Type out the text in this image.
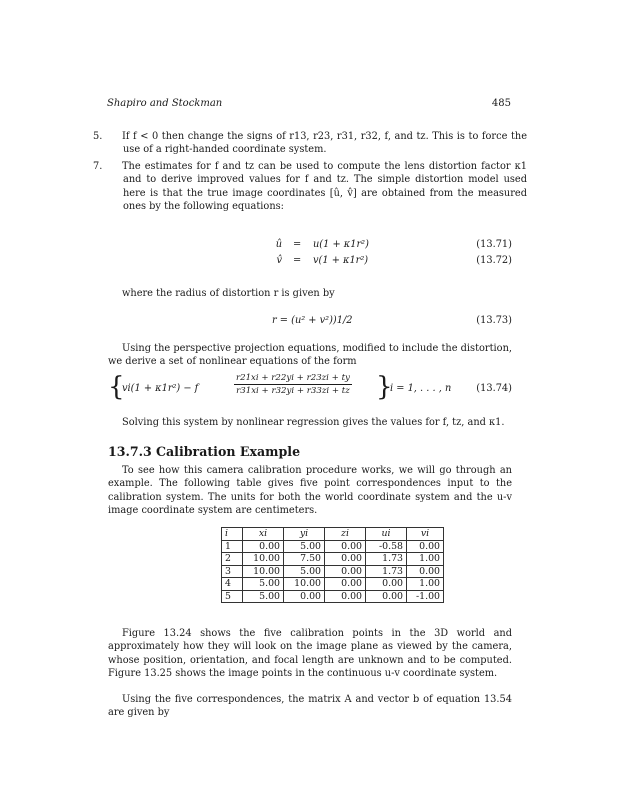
Shapiro and Stockman	485
5. If f < 0 then change the signs of r13, r23, r31, r32, f, and tz. This is to force the use of a right-handed coordinate system.
7. The estimates for f and tz can be used to compute the lens distortion factor κ1 and to derive improved values for f and tz. The simple distortion model used here is that the true image coordinates [û, v̂] are obtained from the measured ones by the following equations:
û = u(1 + κ1r²)	(13.71)
v̂ = v(1 + κ1r²)	(13.72)
where the radius of distortion r is given by
r = (u² + v²))1/2	(13.73)
Using the perspective projection equations, modified to include the distortion, we derive a set of nonlinear equations of the form
{
vi(1 + κ1r²) − f	$\frac{r21xi + r22yi + r23zi + ty}{r31xi + r32yi + r33zi + tz}$ }
i = 1, . . . , n	(13.74)
Solving this system by nonlinear regression gives the values for f, tz, and κ1.
13.7.3 Calibration Example
To see how this camera calibration procedure works, we will go through an example. The following table gives five point correspondences input to the calibration system. The units for both the world coordinate system and the u-v image coordinate system are centimeters.
i	xi	yi	zi	ui	vi
1	0.00	5.00	0.00	-0.58	0.00
2	10.00	7.50	0.00	1.73	1.00
3	10.00	5.00	0.00	1.73	0.00
4	5.00	10.00	0.00	0.00	1.00
5	5.00	0.00	0.00	0.00	-1.00
Figure 13.24 shows the five calibration points in the 3D world and approximately how they will look on the image plane as viewed by the camera, whose position, orientation, and focal length are unknown and to be computed. Figure 13.25 shows the image points in the continuous u-v coordinate system.
Using the five correspondences, the matrix A and vector b of equation 13.54 are given by
